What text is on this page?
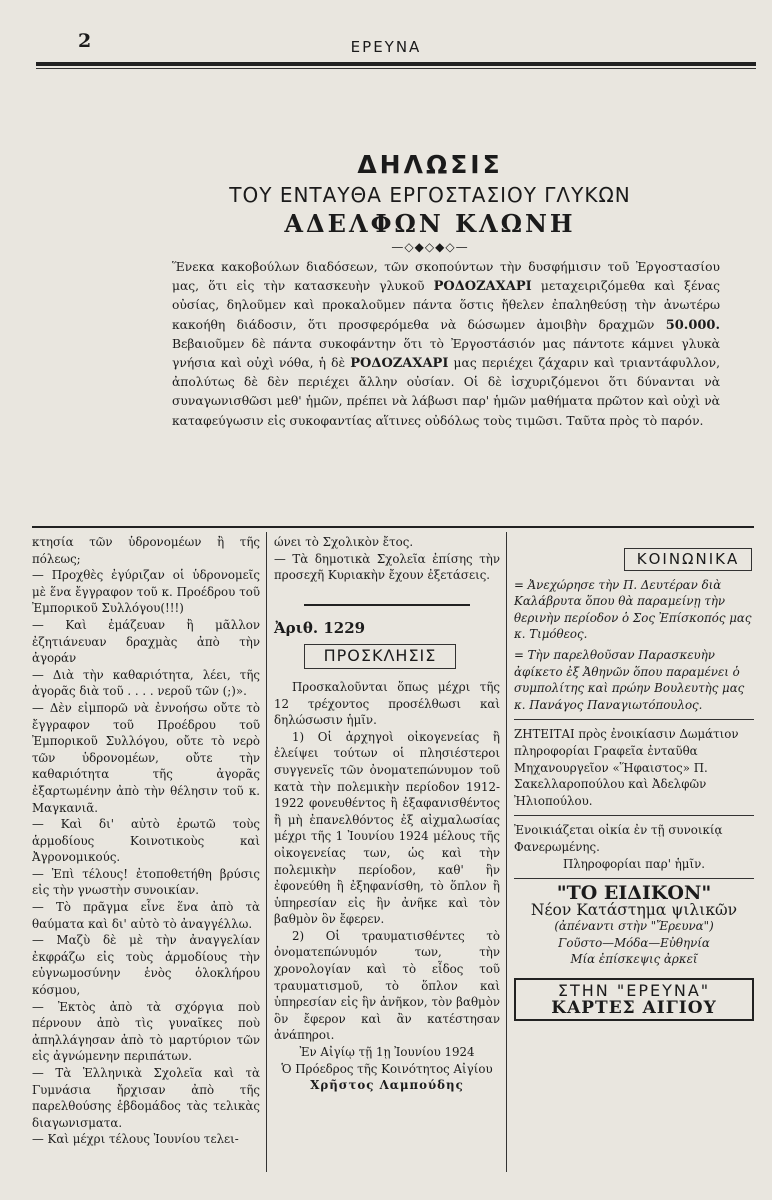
2	ΕΡΕΥΝΑ
ΔΗΛΩΣΙΣ
ΤΟΥ ΕΝΤΑΥΘΑ ΕΡΓΟΣΤΑΣΙΟΥ ΓΛΥΚΩΝ
ΑΔΕΛΦΩΝ ΚΛΩΝΗ
—◇◆◇◆◇—
Ἕνεκα κακοβούλων διαδόσεων, τῶν σκοπούντων τὴν δυσφήμισιν τοῦ Ἐργοστασίου μας, ὅτι εἰς τὴν κατασκευὴν γλυκοῦ ΡΟΔΟΖΑΧΑΡΙ μεταχειριζόμεθα καὶ ξένας οὐσίας, δηλοῦμεν καὶ προκαλοῦμεν πάντα ὅστις ἤθελεν ἐπαληθεύσῃ τὴν ἀνωτέρω κακοήθη διάδοσιν, ὅτι προσφερόμεθα νὰ δώσωμεν ἀμοιβὴν δραχμῶν 50.000. Βεβαιοῦμεν δὲ πάντα συκοφάντην ὅτι τὸ Ἐργοστάσιόν μας πάντοτε κάμνει γλυκὰ γνήσια καὶ οὐχὶ νόθα, ἡ δὲ ΡΟΔΟΖΑΧΑΡΙ μας περιέχει ζάχαριν καὶ τριαντάφυλλον, ἀπολύτως δὲ δὲν περιέχει ἄλλην οὐσίαν. Οἱ δὲ ἰσχυριζόμενοι ὅτι δύνανται νὰ συναγωνισθῶσι μεθ' ἡμῶν, πρέπει νὰ λάβωσι παρ' ἡμῶν μαθήματα πρῶτον καὶ οὐχὶ νὰ καταφεύγωσιν εἰς συκοφαντίας αἵτινες οὐδόλως τοὺς τιμῶσι. Ταῦτα πρὸς τὸ παρόν.

κτησία τῶν ὑδρονομέων ἢ τῆς πόλεως;

— Προχθὲς ἐγύριζαν οἱ ὑδρονομεῖς μὲ ἕνα ἔγγραφον τοῦ κ. Προέδρου τοῦ Ἐμπορικοῦ Συλλόγου(!!!)

— Καὶ ἐμάζευαν ἢ μᾶλλον ἐζητιάνευαν δραχμὰς ἀπὸ τὴν ἀγοράν

— Διὰ τὴν καθαριότητα, λέει, τῆς ἀγορᾶς διὰ τοῦ . . . . νεροῦ τῶν (;)».

— Δὲν εἰμπορῶ νὰ ἐννοήσω οὔτε τὸ ἔγγραφον τοῦ Προέδρου τοῦ Ἐμπορικοῦ Συλλόγου, οὔτε τὸ νερὸ τῶν ὑδρονομέων, οὔτε τὴν καθαριότητα τῆς ἀγορᾶς ἐξαρτωμένην ἀπὸ τὴν θέλησιν τοῦ κ. Μαγκανιᾶ.

— Καὶ δι' αὐτὸ ἐρωτῶ τοὺς ἁρμοδίους Κοινοτικοὺς καὶ Ἀγρονομικούς.

— Ἐπὶ τέλους! ἐτοποθετήθη βρύσις εἰς τὴν γνωστὴν συνοικίαν.

— Τὸ πρᾶγμα εἶνε ἕνα ἀπὸ τὰ θαύματα καὶ δι' αὐτὸ τὸ ἀναγγέλλω.

— Μαζὺ δὲ μὲ τὴν ἀναγγελίαν ἐκφράζω εἰς τοὺς ἁρμοδίους τὴν εὐγνωμοσύνην ἑνὸς ὁλοκλήρου κόσμου,

— Ἐκτὸς ἀπὸ τὰ σχόργια ποὺ πέρνουν ἀπὸ τὶς γυναῖκες ποὺ ἀπηλλάγησαν ἀπὸ τὸ μαρτύριον τῶν εἰς ἀγνώμενην περιπάτων.

— Τὰ Ἑλληνικὰ Σχολεῖα καὶ τὰ Γυμνάσια ἤρχισαν ἀπὸ τῆς παρελθούσης ἑβδομάδος τὰς τελικὰς διαγωνισματα.

— Καὶ μέχρι τέλους Ἰουνίου τελει-

ώνει τὸ Σχολικὸν ἔτος.

— Τὰ δημοτικὰ Σχολεῖα ἐπίσης τὴν προσεχῆ Κυριακὴν ἔχουν ἐξετάσεις.

Ἀριθ. 1229
ΠΡΟΣΚΛΗΣΙΣ

Προσκαλοῦνται ὅπως μέχρι τῆς 12 τρέχοντος προσέλθωσι καὶ δηλώσωσιν ἡμῖν.

1) Οἱ ἀρχηγοὶ οἰκογενείας ἢ ἐλείψει τούτων οἱ πλησιέστεροι συγγενεῖς τῶν ὀνοματεπώνυμον τοῦ κατὰ τὴν πολεμικὴν περίοδον 1912-1922 φονευθέντος ἢ ἐξαφανισθέντος ἢ μὴ ἐπανελθόντος ἐξ αἰχμαλωσίας μέχρι τῆς 1 Ἰουνίου 1924 μέλους τῆς οἰκογενείας των, ὡς καὶ τὴν πολεμικὴν περίοδον, καθ' ἣν ἐφονεύθη ἢ ἐξηφανίσθη, τὸ ὅπλον ἢ ὑπηρεσίαν εἰς ἣν ἀνῆκε καὶ τὸν βαθμὸν ὃν ἔφερεν.

2) Οἱ τραυματισθέντες τὸ ὀνοματεπώνυμόν των, τὴν χρονολογίαν καὶ τὸ εἶδος τοῦ τραυματισμοῦ, τὸ ὅπλον καὶ ὑπηρεσίαν εἰς ἣν ἀνῆκον, τὸν βαθμὸν ὃν ἔφερον καὶ ἂν κατέστησαν ἀνάπηροι.

Ἐν Αἰγίῳ τῇ 1ῃ Ἰουνίου 1924

Ὁ Πρόεδρος τῆς Κοινότητος Αἰγίου

Χρῆστος Λαμπούδης

ΚΟΙΝΩΝΙΚΑ

= Ἀνεχώρησε τὴν Π. Δευτέραν διὰ Καλάβρυτα ὅπου θὰ παραμείνῃ τὴν θερινὴν περίοδον ὁ Σος Ἐπίσκοπός μας κ. Τιμόθεος.

= Τὴν παρελθοῦσαν Παρασκευὴν ἀφίκετο ἐξ Ἀθηνῶν ὅπου παραμένει ὁ συμπολίτης καὶ πρώην Βουλευτὴς μας κ. Πανάγος Παναγιωτόπουλος.

ΖΗΤΕΙΤΑΙ πρὸς ἐνοικίασιν Δωμάτιον πληροφορίαι Γραφεῖα ἐνταῦθα Μηχανουργεῖον «Ἥφαιστος» Π. Σακελλαροπούλου καὶ Ἀδελφῶν Ἠλιοπούλου.

Ἐνοικιάζεται οἰκία ἐν τῇ συνοικίᾳ Φανερωμένης.

Πληροφορίαι παρ' ἡμῖν.

"ΤΟ ΕΙΔΙΚΟΝ"
Νέον Κατάστημα ψιλικῶν

(ἀπέναντι στὴν "Ἔρευνα")

Γοῦστο—Μόδα—Εὐθηνία

Μία ἐπίσκεψις ἀρκεῖ

ΣΤΗΝ "ΕΡΕΥΝΑ"
ΚΑΡΤΕΣ ΑΙΓΙΟΥ
